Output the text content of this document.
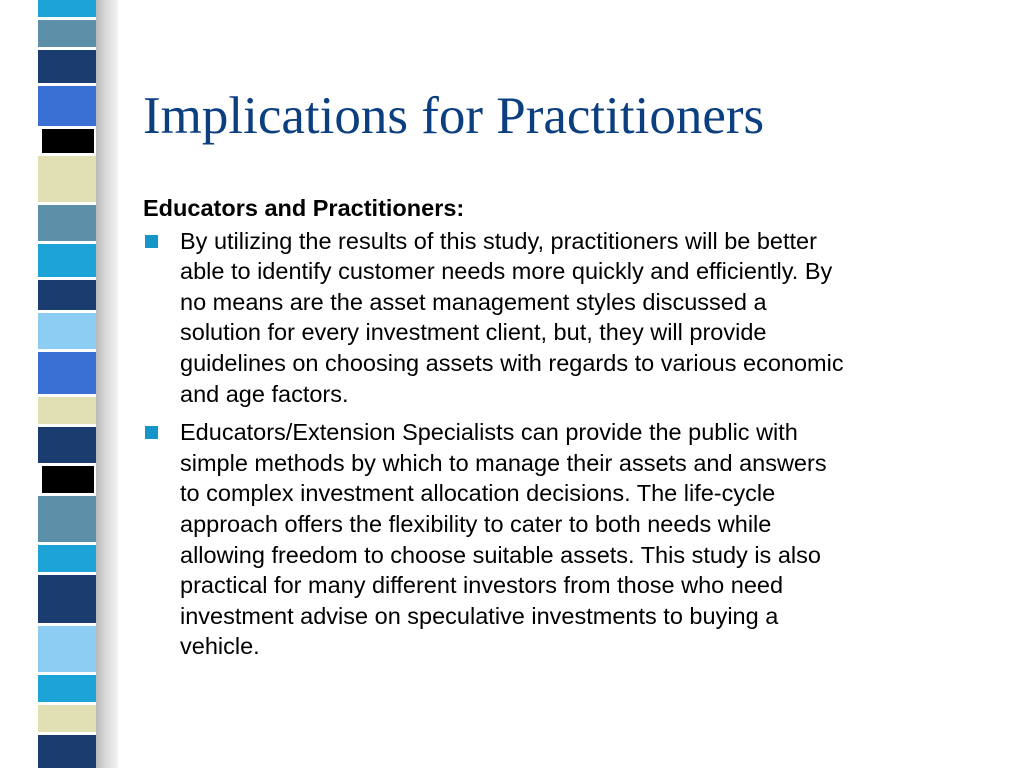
Implications for Practitioners
Educators and Practitioners:
By utilizing the results of this study, practitioners will be better
able to identify customer needs more quickly and efficiently. By
no means are the asset management styles discussed a
solution for every investment client, but, they will provide
guidelines on choosing assets with regards to various economic
and age factors.
Educators/Extension Specialists can provide the public with
simple methods by which to manage their assets and answers
to complex investment allocation decisions. The life-cycle
approach offers the flexibility to cater to both needs while
allowing freedom to choose suitable assets. This study is also
practical for many different investors from those who need
investment advise on speculative investments to buying a
vehicle.
